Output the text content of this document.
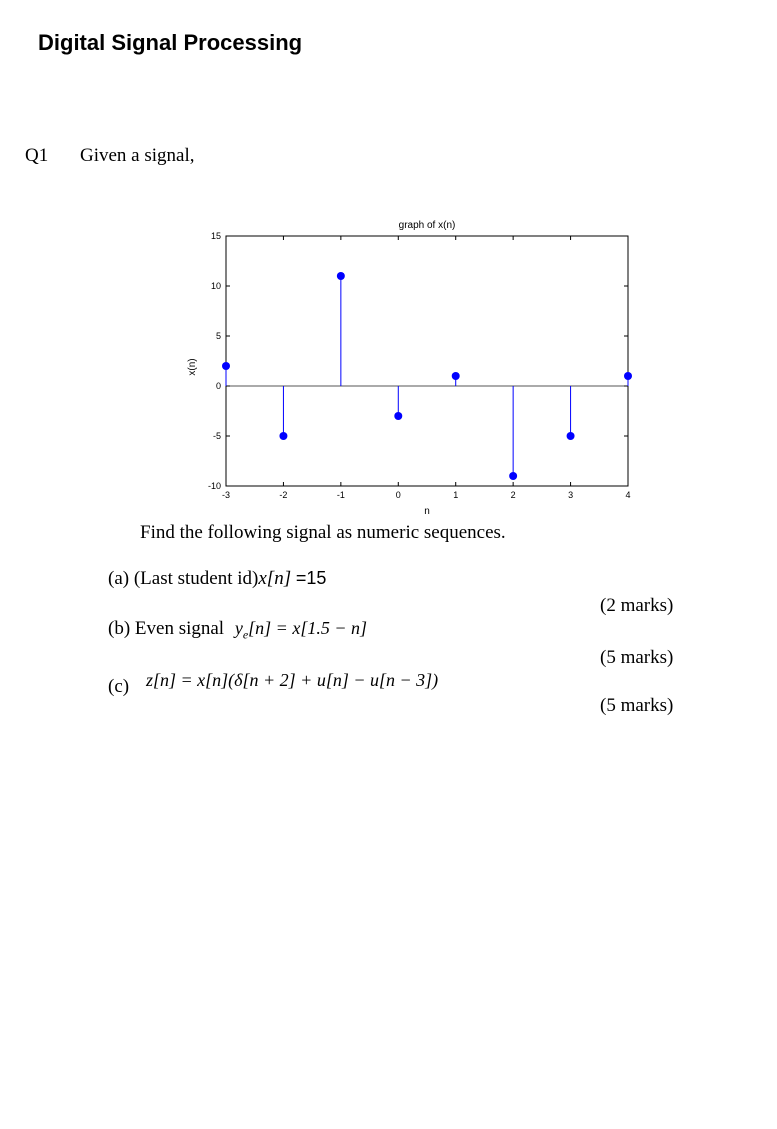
Digital Signal Processing
Q1 Given a signal,
graph of x(n)
n
x(n)
-3	-2	-1	0	1	2	3	4
15
10
5
0
-5
-10
Find the following signal as numeric sequences.
(a) (Last student id)x[n] =15
(2 marks)
(b) Even signal $y_e[n] = x[1.5 - n]$
(5 marks)
(c) z[n] = x[n](δ[n + 2] + u[n] − u[n − 3])
(5 marks)
